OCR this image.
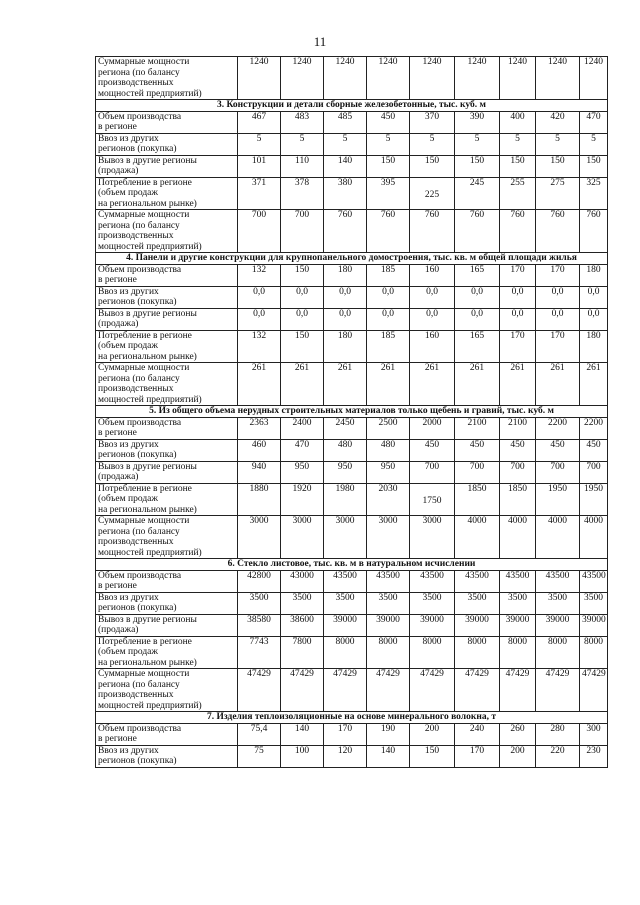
11
Суммарные мощности
региона (по балансу
производственных
мощностей предприятий)	1240	1240	1240	1240	1240	1240	1240	1240	1240
3. Конструкции и детали сборные железобетонные, тыс. куб. м									

Объем производства
в регионе	467	483	485	450	370	390	400	420	470

Ввоз из других
регионов (покупка)	5	5	5	5	5	5	5	5	5

Вывоз в другие регионы
(продажа)	101	110	140	150	150	150	150	150	150

Потребление в регионе
(объем продаж
на региональном рынке)	371	378	380	395	225	245	255	275	325

Суммарные мощности
региона (по балансу
производственных
мощностей предприятий)	700	700	760	760	760	760	760	760	760
4. Панели и другие конструкции для крупнопанельного домостроения, тыс. кв. м общей площади жилья									

Объем производства
в регионе	132	150	180	185	160	165	170	170	180

Ввоз из других
регионов (покупка)	0,0	0,0	0,0	0,0	0,0	0,0	0,0	0,0	0,0

Вывоз в другие регионы
(продажа)	0,0	0,0	0,0	0,0	0,0	0,0	0,0	0,0	0,0

Потребление в регионе
(объем продаж
на региональном рынке)	132	150	180	185	160	165	170	170	180

Суммарные мощности
региона (по балансу
производственных
мощностей предприятий)	261	261	261	261	261	261	261	261	261
5. Из общего объема нерудных строительных материалов только щебень и гравий, тыс. куб. м									

Объем производства
в регионе	2363	2400	2450	2500	2000	2100	2100	2200	2200

Ввоз из других
регионов (покупка)	460	470	480	480	450	450	450	450	450

Вывоз в другие регионы
(продажа)	940	950	950	950	700	700	700	700	700

Потребление в регионе
(объем продаж
на региональном рынке)	1880	1920	1980	2030	1750	1850	1850	1950	1950

Суммарные мощности
региона (по балансу
производственных
мощностей предприятий)	3000	3000	3000	3000	3000	4000	4000	4000	4000
6. Стекло листовое, тыс. кв. м в натуральном исчислении									

Объем производства
в регионе	42800	43000	43500	43500	43500	43500	43500	43500	43500

Ввоз из других
регионов (покупка)	3500	3500	3500	3500	3500	3500	3500	3500	3500

Вывоз в другие регионы
(продажа)	38580	38600	39000	39000	39000	39000	39000	39000	39000

Потребление в регионе
(объем продаж
на региональном рынке)	7743	7800	8000	8000	8000	8000	8000	8000	8000

Суммарные мощности
региона (по балансу
производственных
мощностей предприятий)	47429	47429	47429	47429	47429	47429	47429	47429	47429
7. Изделия теплоизоляционные на основе минерального волокна, т									

Объем производства
в регионе	75,4	140	170	190	200	240	260	280	300

Ввоз из других
регионов (покупка)	75	100	120	140	150	170	200	220	230
